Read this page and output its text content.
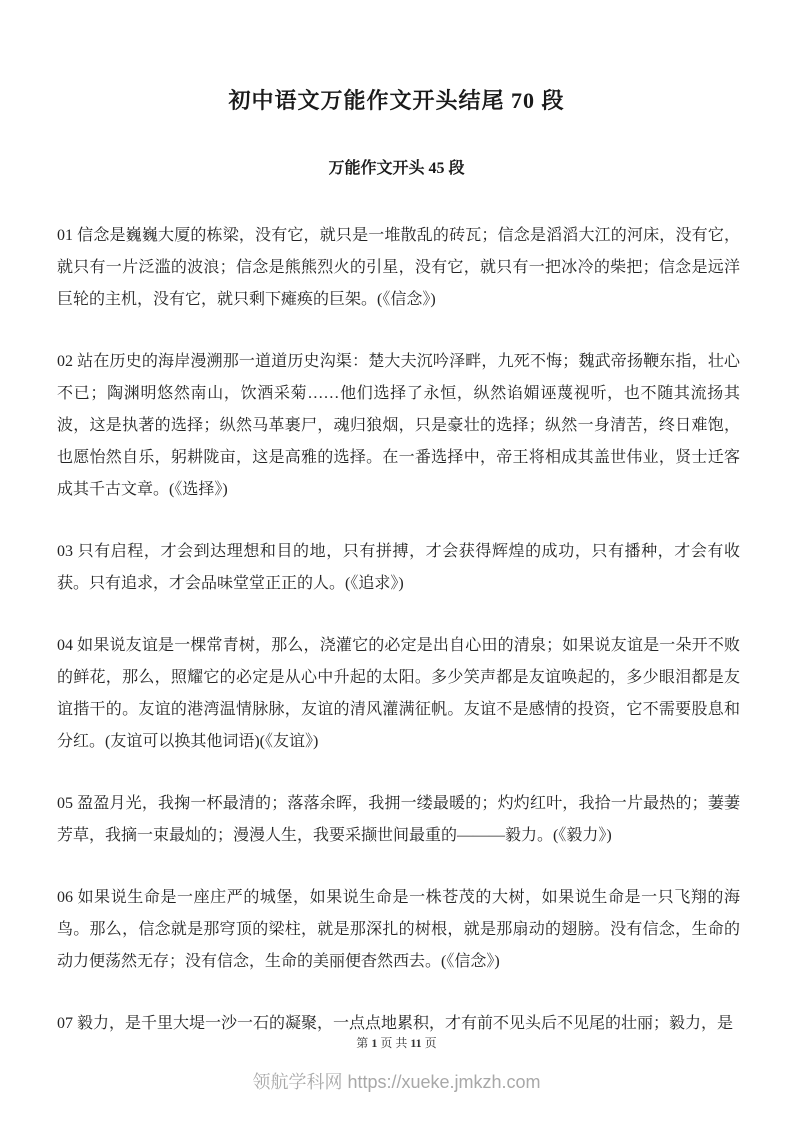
初中语文万能作文开头结尾 70 段
万能作文开头 45 段

01 信念是巍巍大厦的栋梁，没有它，就只是一堆散乱的砖瓦；信念是滔滔大江的河床，没有它，就只有一片泛滥的波浪；信念是熊熊烈火的引星，没有它，就只有一把冰冷的柴把；信念是远洋巨轮的主机，没有它，就只剩下瘫痪的巨架。(《信念》)

02 站在历史的海岸漫溯那一道道历史沟渠：楚大夫沉吟泽畔，九死不悔；魏武帝扬鞭东指，壮心不已；陶渊明悠然南山，饮酒采菊……他们选择了永恒，纵然谄媚诬蔑视听，也不随其流扬其波，这是执著的选择；纵然马革裹尸，魂归狼烟，只是豪壮的选择；纵然一身清苦，终日难饱，也愿怡然自乐，躬耕陇亩，这是高雅的选择。在一番选择中，帝王将相成其盖世伟业，贤士迁客成其千古文章。(《选择》)

03 只有启程，才会到达理想和目的地，只有拼搏，才会获得辉煌的成功，只有播种，才会有收获。只有追求，才会品味堂堂正正的人。(《追求》)

04 如果说友谊是一棵常青树，那么，浇灌它的必定是出自心田的清泉；如果说友谊是一朵开不败的鲜花，那么，照耀它的必定是从心中升起的太阳。多少笑声都是友谊唤起的，多少眼泪都是友谊揩干的。友谊的港湾温情脉脉，友谊的清风灌满征帆。友谊不是感情的投资，它不需要股息和分红。(友谊可以换其他词语)(《友谊》)

05 盈盈月光，我掬一杯最清的；落落余晖，我拥一缕最暖的；灼灼红叶，我拾一片最热的；萋萋芳草，我摘一束最灿的；漫漫人生，我要采撷世间最重的———毅力。(《毅力》)

06 如果说生命是一座庄严的城堡，如果说生命是一株苍茂的大树，如果说生命是一只飞翔的海鸟。那么，信念就是那穹顶的梁柱，就是那深扎的树根，就是那扇动的翅膀。没有信念，生命的动力便荡然无存；没有信念，生命的美丽便杳然西去。(《信念》)

07 毅力，是千里大堤一沙一石的凝聚，一点点地累积，才有前不见头后不见尾的壮丽；毅力，是

第 1 页 共 11 页
领航学科网 https://xueke.jmkzh.com
